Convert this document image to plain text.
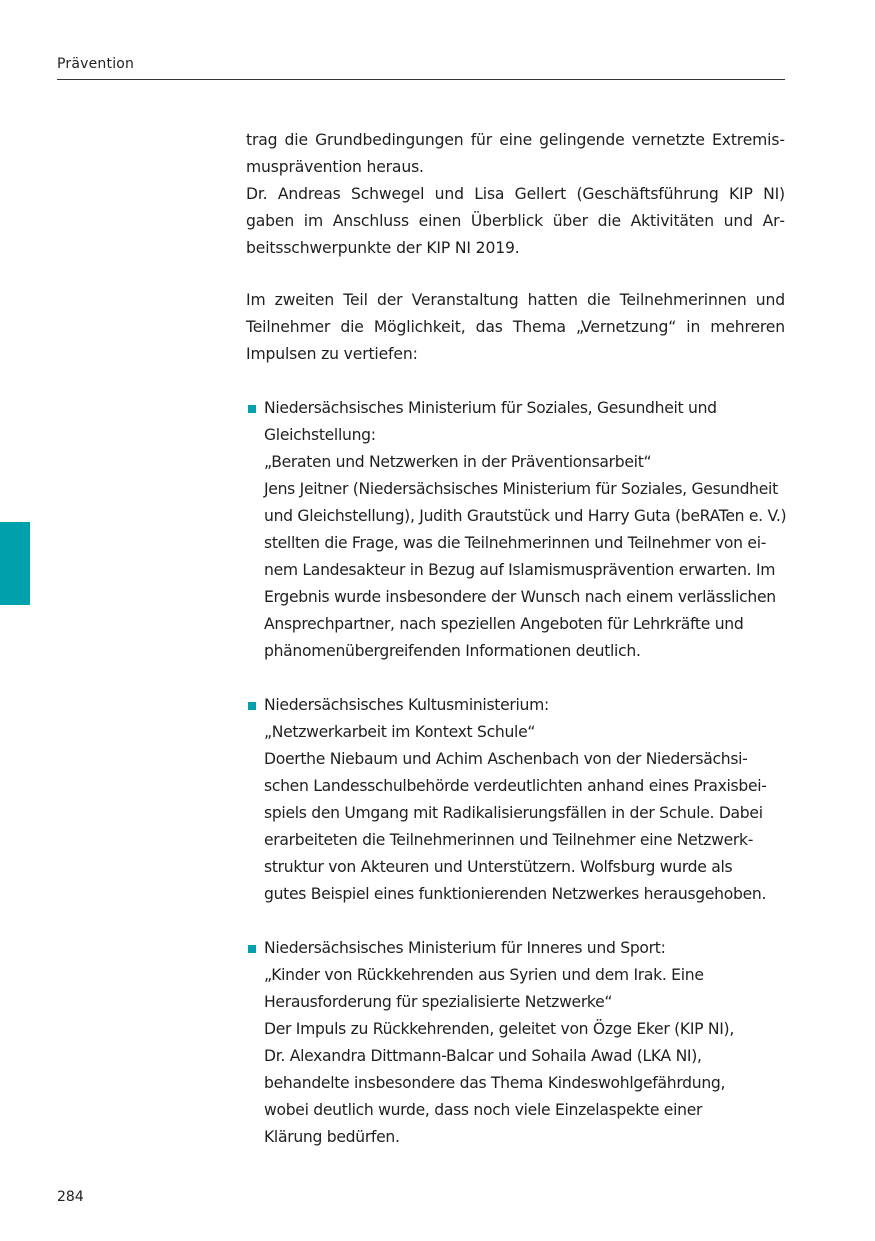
Prävention

trag die Grundbedingungen für eine gelingende vernetzte Extremismusprävention heraus.
Dr. Andreas Schwegel und Lisa Gellert (Geschäftsführung KIP NI) gaben im Anschluss einen Überblick über die Aktivitäten und Arbeitsschwerpunkte der KIP NI 2019.

Im zweiten Teil der Veranstaltung hatten die Teilnehmerinnen und Teilnehmer die Möglichkeit, das Thema „Vernetzung“ in mehreren Impulsen zu vertiefen:

Niedersächsisches Ministerium für Soziales, Gesundheit und
Gleichstellung:
„Beraten und Netzwerken in der Präventionsarbeit“
Jens Jeitner (Niedersächsisches Ministerium für Soziales, Gesundheit
und Gleichstellung), Judith Grautstück und Harry Guta (beRATen e. V.)
stellten die Frage, was die Teilnehmerinnen und Teilnehmer von ei-
nem Landesakteur in Bezug auf Islamismusprävention erwarten. Im
Ergebnis wurde insbesondere der Wunsch nach einem verlässlichen
Ansprechpartner, nach speziellen Angeboten für Lehrkräfte und
phänomenübergreifenden Informationen deutlich.
Niedersächsisches Kultusministerium:
„Netzwerkarbeit im Kontext Schule“
Doerthe Niebaum und Achim Aschenbach von der Niedersächsi-
schen Landesschulbehörde verdeutlichten anhand eines Praxisbei-
spiels den Umgang mit Radikalisierungsfällen in der Schule. Dabei
erarbeiteten die Teilnehmerinnen und Teilnehmer eine Netzwerk-
struktur von Akteuren und Unterstützern. Wolfsburg wurde als
gutes Beispiel eines funktionierenden Netzwerkes herausgehoben.
Niedersächsisches Ministerium für Inneres und Sport:
„Kinder von Rückkehrenden aus Syrien und dem Irak. Eine
Herausforderung für spezialisierte Netzwerke“
Der Impuls zu Rückkehrenden, geleitet von Özge Eker (KIP NI),
Dr. Alexandra Dittmann-Balcar und Sohaila Awad (LKA NI),
behandelte insbesondere das Thema Kindeswohlgefährdung,
wobei deutlich wurde, dass noch viele Einzelaspekte einer
Klärung bedürfen.
284
